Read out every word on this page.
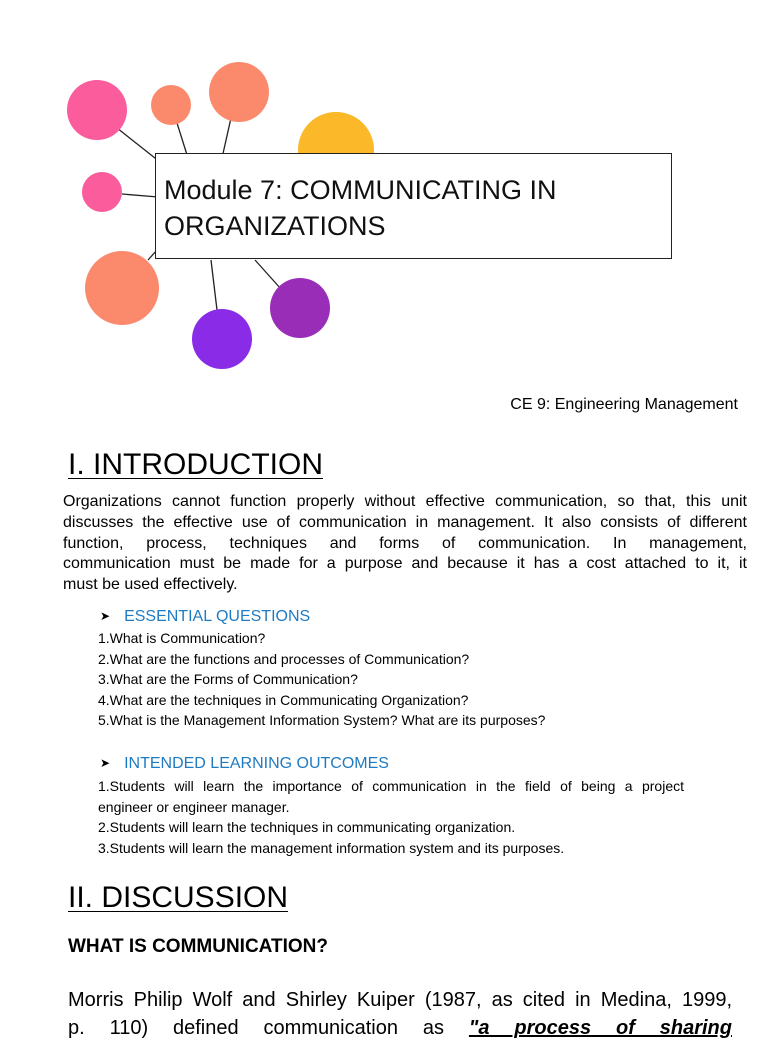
Module 7: COMMUNICATING IN
ORGANIZATIONS
CE 9: Engineering Management
I. INTRODUCTION
Organizations cannot function properly without effective communication, so that, this unit
discusses the effective use of communication in management. It also consists of different
function, process, techniques and forms of communication. In management,
communication must be made for a purpose and because it has a cost attached to it, it
must be used effectively.
➤ ESSENTIAL QUESTIONS
1.What is Communication?
2.What are the functions and processes of Communication?
3.What are the Forms of Communication?
4.What are the techniques in Communicating Organization?
5.What is the Management Information System? What are its purposes?
➤ INTENDED LEARNING OUTCOMES
1.Students will learn the importance of communication in the field of being a project
engineer or engineer manager.
2.Students will learn the techniques in communicating organization.
3.Students will learn the management information system and its purposes.
II. DISCUSSION
WHAT IS COMMUNICATION?
Morris Philip Wolf and Shirley Kuiper (1987, as cited in Medina, 1999,
p. 110) defined communication as "a process of sharing
